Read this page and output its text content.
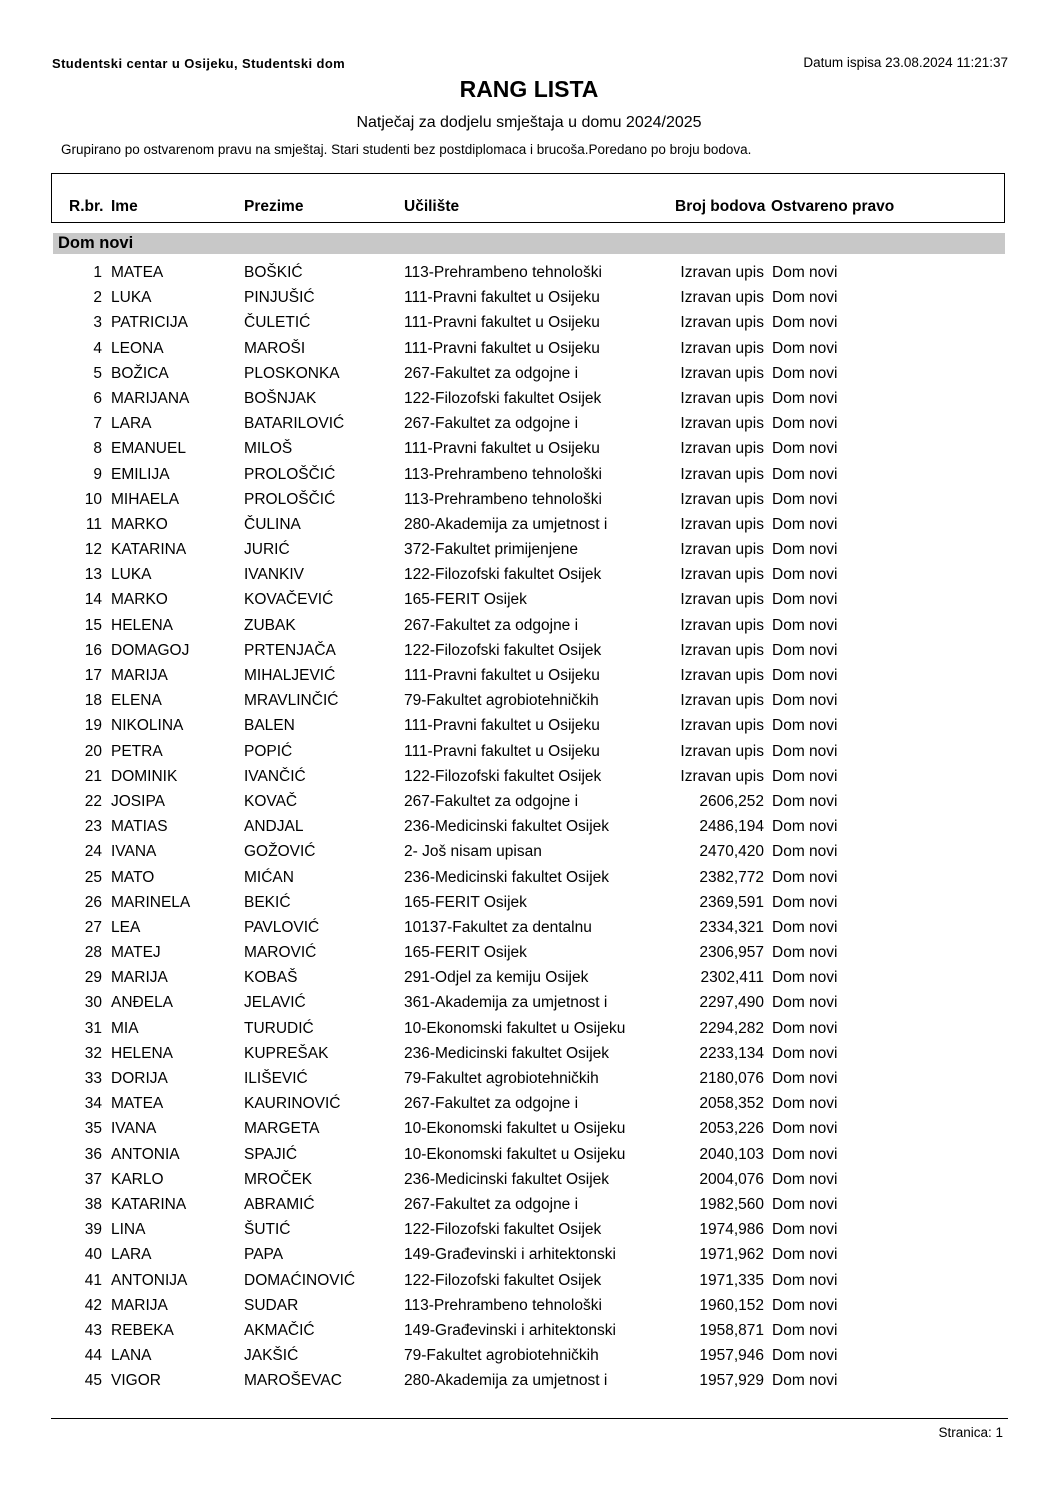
Studentski centar u Osijeku, Studentski dom	Datum ispisa 23.08.2024 11:21:37
RANG LISTA
Natječaj za dodjelu smještaja u domu 2024/2025
Grupirano po ostvarenom pravu na smještaj. Stari studenti bez postdiplomaca i brucoša.Poredano po broju bodova.
R.br. Ime	Prezime	Učilište	Broj bodova Ostvareno pravo
Dom novi
1 MATEA	BOŠKIĆ	113-Prehrambeno tehnološki	Izravan upis Dom novi
2 LUKA	PINJUŠIĆ	111-Pravni fakultet u Osijeku	Izravan upis Dom novi
3 PATRICIJA	ČULETIĆ	111-Pravni fakultet u Osijeku	Izravan upis Dom novi
4 LEONA	MAROŠI	111-Pravni fakultet u Osijeku	Izravan upis Dom novi
5 BOŽICA	PLOSKONKA	267-Fakultet za odgojne i	Izravan upis Dom novi
6 MARIJANA	BOŠNJAK	122-Filozofski fakultet Osijek	Izravan upis Dom novi
7 LARA	BATARILOVIĆ	267-Fakultet za odgojne i	Izravan upis Dom novi
8 EMANUEL	MILOŠ	111-Pravni fakultet u Osijeku	Izravan upis Dom novi
9 EMILIJA	PROLOŠČIĆ	113-Prehrambeno tehnološki	Izravan upis Dom novi
10 MIHAELA	PROLOŠČIĆ	113-Prehrambeno tehnološki	Izravan upis Dom novi
11 MARKO	ČULINA	280-Akademija za umjetnost i	Izravan upis Dom novi
12 KATARINA	JURIĆ	372-Fakultet primijenjene	Izravan upis Dom novi
13 LUKA	IVANKIV	122-Filozofski fakultet Osijek	Izravan upis Dom novi
14 MARKO	KOVAČEVIĆ	165-FERIT Osijek	Izravan upis Dom novi
15 HELENA	ZUBAK	267-Fakultet za odgojne i	Izravan upis Dom novi
16 DOMAGOJ	PRTENJAČA	122-Filozofski fakultet Osijek	Izravan upis Dom novi
17 MARIJA	MIHALJEVIĆ	111-Pravni fakultet u Osijeku	Izravan upis Dom novi
18 ELENA	MRAVLINČIĆ	79-Fakultet agrobiotehničkih	Izravan upis Dom novi
19 NIKOLINA	BALEN	111-Pravni fakultet u Osijeku	Izravan upis Dom novi
20 PETRA	POPIĆ	111-Pravni fakultet u Osijeku	Izravan upis Dom novi
21 DOMINIK	IVANČIĆ	122-Filozofski fakultet Osijek	Izravan upis Dom novi
22 JOSIPA	KOVAČ	267-Fakultet za odgojne i	2606,252 Dom novi
23 MATIAS	ANDJAL	236-Medicinski fakultet Osijek	2486,194 Dom novi
24 IVANA	GOŽOVIĆ	2- Još nisam upisan	2470,420 Dom novi
25 MATO	MIĆAN	236-Medicinski fakultet Osijek	2382,772 Dom novi
26 MARINELA	BEKIĆ	165-FERIT Osijek	2369,591 Dom novi
27 LEA	PAVLOVIĆ	10137-Fakultet za dentalnu	2334,321 Dom novi
28 MATEJ	MAROVIĆ	165-FERIT Osijek	2306,957 Dom novi
29 MARIJA	KOBAŠ	291-Odjel za kemiju Osijek	2302,411 Dom novi
30 ANĐELA	JELAVIĆ	361-Akademija za umjetnost i	2297,490 Dom novi
31 MIA	TURUDIĆ	10-Ekonomski fakultet u Osijeku	2294,282 Dom novi
32 HELENA	KUPREŠAK	236-Medicinski fakultet Osijek	2233,134 Dom novi
33 DORIJA	ILIŠEVIĆ	79-Fakultet agrobiotehničkih	2180,076 Dom novi
34 MATEA	KAURINOVIĆ	267-Fakultet za odgojne i	2058,352 Dom novi
35 IVANA	MARGETA	10-Ekonomski fakultet u Osijeku	2053,226 Dom novi
36 ANTONIA	SPAJIĆ	10-Ekonomski fakultet u Osijeku	2040,103 Dom novi
37 KARLO	MROČEK	236-Medicinski fakultet Osijek	2004,076 Dom novi
38 KATARINA	ABRAMIĆ	267-Fakultet za odgojne i	1982,560 Dom novi
39 LINA	ŠUTIĆ	122-Filozofski fakultet Osijek	1974,986 Dom novi
40 LARA	PAPA	149-Građevinski i arhitektonski	1971,962 Dom novi
41 ANTONIJA	DOMAĆINOVIĆ	122-Filozofski fakultet Osijek	1971,335 Dom novi
42 MARIJA	SUDAR	113-Prehrambeno tehnološki	1960,152 Dom novi
43 REBEKA	AKMAČIĆ	149-Građevinski i arhitektonski	1958,871 Dom novi
44 LANA	JAKŠIĆ	79-Fakultet agrobiotehničkih	1957,946 Dom novi
45 VIGOR	MAROŠEVAC	280-Akademija za umjetnost i	1957,929 Dom novi
Stranica: 1
